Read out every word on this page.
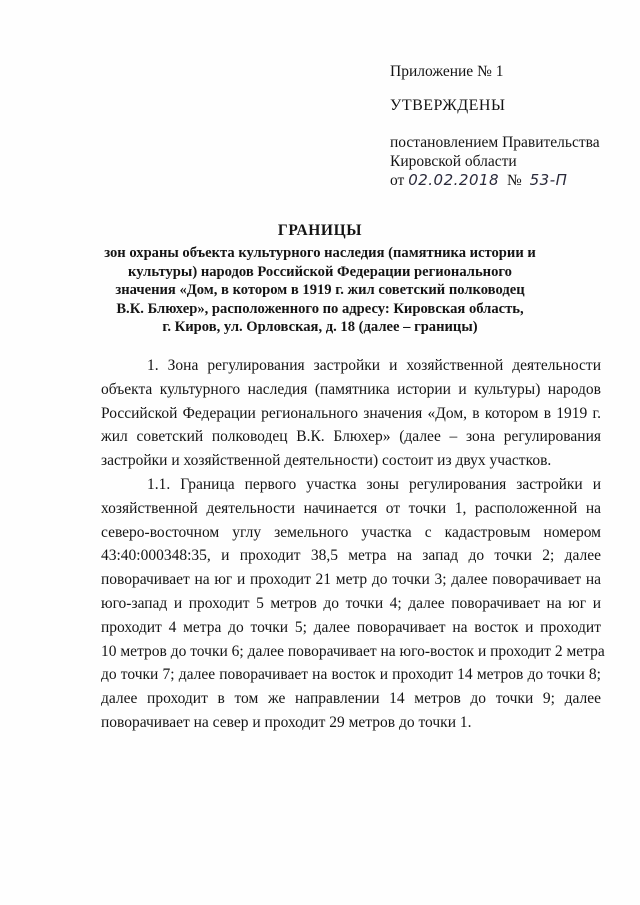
Приложение № 1
УТВЕРЖДЕНЫ
постановлением Правительства
Кировской области
от 02.02.2018 № 53-П
ГРАНИЦЫ
зон охраны объекта культурного наследия (памятника истории и
культуры) народов Российской Федерации регионального
значения «Дом, в котором в 1919 г. жил советский полководец
В.К. Блюхер», расположенного по адресу: Кировская область,
г. Киров, ул. Орловская, д. 18 (далее – границы)
1. Зона регулирования застройки и хозяйственной деятельности
объекта культурного наследия (памятника истории и культуры) народов
Российской Федерации регионального значения «Дом, в котором в 1919 г.
жил советский полководец В.К. Блюхер» (далее – зона регулирования
застройки и хозяйственной деятельности) состоит из двух участков.
1.1. Граница первого участка зоны регулирования застройки и
хозяйственной деятельности начинается от точки 1, расположенной на
северо-восточном углу земельного участка с кадастровым номером
43:40:000348:35, и проходит 38,5 метра на запад до точки 2; далее
поворачивает на юг и проходит 21 метр до точки 3; далее поворачивает на
юго-запад и проходит 5 метров до точки 4; далее поворачивает на юг и
проходит 4 метра до точки 5; далее поворачивает на восток и проходит
10 метров до точки 6; далее поворачивает на юго-восток и проходит 2 метра
до точки 7; далее поворачивает на восток и проходит 14 метров до точки 8;
далее проходит в том же направлении 14 метров до точки 9; далее
поворачивает на север и проходит 29 метров до точки 1.
